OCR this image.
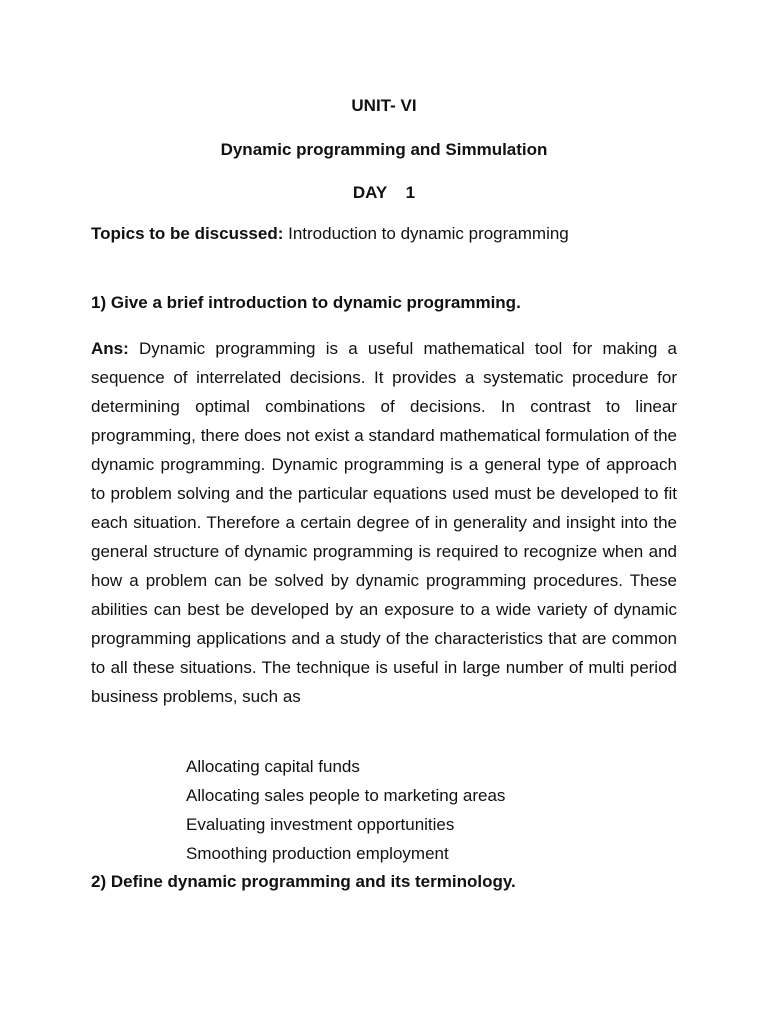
UNIT- VI
Dynamic programming and Simmulation
DAY 1
Topics to be discussed: Introduction to dynamic programming
1) Give a brief introduction to dynamic programming.
Ans: Dynamic programming is a useful mathematical tool for making a sequence of interrelated decisions. It provides a systematic procedure for determining optimal combinations of decisions. In contrast to linear programming, there does not exist a standard mathematical formulation of the dynamic programming. Dynamic programming is a general type of approach to problem solving and the particular equations used must be developed to fit each situation. Therefore a certain degree of in generality and insight into the general structure of dynamic programming is required to recognize when and how a problem can be solved by dynamic programming procedures. These abilities can best be developed by an exposure to a wide variety of dynamic programming applications and a study of the characteristics that are common to all these situations. The technique is useful in large number of multi period business problems, such as
Allocating capital funds
Allocating sales people to marketing areas
Evaluating investment opportunities
Smoothing production employment
2) Define dynamic programming and its terminology.
